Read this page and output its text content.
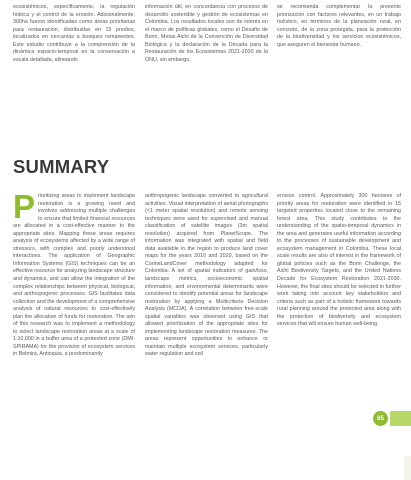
ecosistémicos, específicamente, la regulación hídrica y el control de la erosión. Adicionalmente, 300ha fueron identificadas como áreas prioritarias para restauración, distribuidas en 15 predios, localizados en cercanías a bosques remanentes. Este estudio contribuye a la comprensión de la dinámica espacio-temporal en la conservación a escala detallada, alineando

información útil, en concordancia con procesos de desarrollo sostenible y gestión de ecosistemas en Colombia. Los resultados locales son de interés en el marco de políticas globales, como el Desafío de Bonn, Metas Aichi de la Convención de Diversidad Biológica y la declaración de la Década para la Restauración de los Ecosistemas 2021-2030 de la ONU, sin embargo,

se recomienda complementar la presente priorización con factores relevantes, en un trabajo holístico, en términos de la planeación rural, en concreto, de la zona protegida, para la protección de la biodiversidad y los servicios ecosistémicos, que aseguren el bienestar humano.

SUMMARY

Prioritizing areas to implement landscape restoration is a growing need and involves addressing multiple challenges to ensure that limited financial resources are allocated in a cost-effective manner to the appropriate sites. Mapping these areas requires analysis of ecosystems affected by a wide range of stressors, with complex and poorly understood interactions. The application of Geographic Information Systems (GIS) techniques can be an effective resource for analyzing landscape structure and dynamics, and can allow the integration of the complex relationships between physical, biological, and anthropogenic processes. GIS facilitates data collection and the development of a comprehensive analysis of natural resources to cost-effectively plan the allocation of funds for restoration. The aim of this research was to implement a methodology to select landscape restoration areas at a scale of 1:10,000 in a buffer area of a protected zone (DMI-SPIRAMA) for the provision of ecosystem services in Belmira, Antioquia, a predominantly

anthropogenic landscape converted to agricultural activities. Visual interpretation of aerial photographs (<1 meter spatial resolution) and remote sensing techniques were used for supervised and manual classification of satellite images (3m spatial resolution) acquired from PlanetScope. The information was integrated with spatial and field data available in the region to produce land cover maps for the years 2010 and 2020, based on the CorineLandCover methodology adapted for Colombia. A set of spatial indicators of gain/loss, landscape metrics, socioeconomic spatial information, and environmental determinants were considered to identify potential areas for landscape restoration by applying a Multicriteria Decision Analysis (MCDA). A correlation between free-scale spatial variables was observed using GIS that allowed prioritization of the appropriate sites for implementing landscape restoration measures. The areas represent opportunities to enhance or maintain multiple ecosystem services, particularly water regulation and soil

erosion control. Approximately 300 hectares of priority areas for restoration were identified in 15 targeted properties located close to the remaining forest area. This study contributes to the understanding of the spatio-temporal dynamics in the area and generates useful information according to the processes of sustainable development and ecosystem management in Colombia. These local scale results are also of interest in the framework of global policies such as the Bonn Challenge, the Aichi Biodiversity Targets, and the United Nations Decade for Ecosystem Restoration 2021-2030. However, the final sites should be selected in further work taking into account key stakeholders and criteria such as part of a holistic framework towards rural planning around the protected area along with the protection of biodiversity and ecosystem services that will ensure human well-being.

65
